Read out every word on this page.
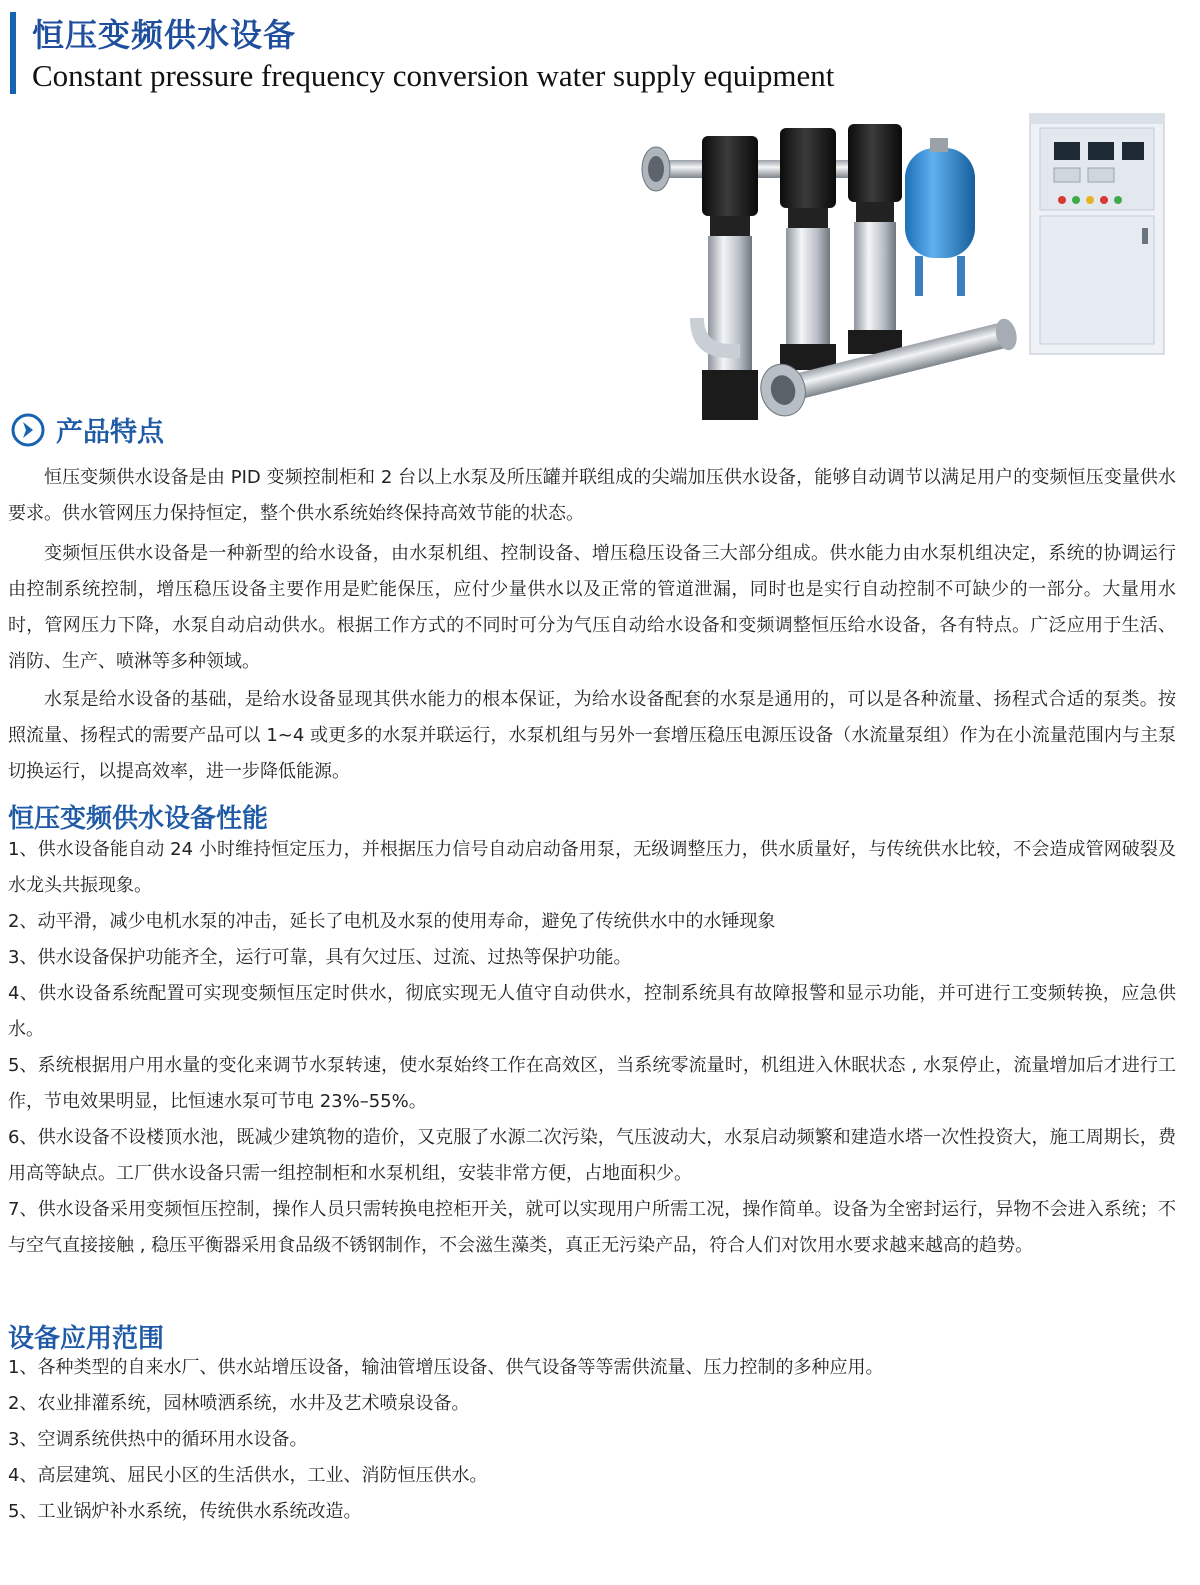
恒压变频供水设备
Constant pressure frequency conversion water supply equipment
产品特点

恒压变频供水设备是由 PID 变频控制柜和 2 台以上水泵及所压罐并联组成的尖端加压供水设备，能够自动调节以满足用户的变频恒压变量供水要求。供水管网压力保持恒定，整个供水系统始终保持高效节能的状态。

变频恒压供水设备是一种新型的给水设备，由水泵机组、控制设备、增压稳压设备三大部分组成。供水能力由水泵机组决定，系统的协调运行由控制系统控制，增压稳压设备主要作用是贮能保压，应付少量供水以及正常的管道泄漏，同时也是实行自动控制不可缺少的一部分。大量用水时，管网压力下降，水泵自动启动供水。根据工作方式的不同时可分为气压自动给水设备和变频调整恒压给水设备，各有特点。广泛应用于生活、消防、生产、喷淋等多种领域。

水泵是给水设备的基础，是给水设备显现其供水能力的根本保证，为给水设备配套的水泵是通用的，可以是各种流量、扬程式合适的泵类。按照流量、扬程式的需要产品可以 1~4 或更多的水泵并联运行，水泵机组与另外一套增压稳压电源压设备（水流量泵组）作为在小流量范围内与主泵切换运行，以提高效率，进一步降低能源。

恒压变频供水设备性能
1、供水设备能自动 24 小时维持恒定压力，并根据压力信号自动启动备用泵，无级调整压力，供水质量好，与传统供水比较，不会造成管网破裂及水龙头共振现象。
2、动平滑，减少电机水泵的冲击，延长了电机及水泵的使用寿命，避免了传统供水中的水锤现象
3、供水设备保护功能齐全，运行可靠，具有欠过压、过流、过热等保护功能。
4、供水设备系统配置可实现变频恒压定时供水，彻底实现无人值守自动供水，控制系统具有故障报警和显示功能，并可进行工变频转换，应急供水。
5、系统根据用户用水量的变化来调节水泵转速，使水泵始终工作在高效区，当系统零流量时，机组进入休眠状态 , 水泵停止，流量增加后才进行工作，节电效果明显，比恒速水泵可节电 23%–55%。
6、供水设备不设楼顶水池，既减少建筑物的造价，又克服了水源二次污染，气压波动大，水泵启动频繁和建造水塔一次性投资大，施工周期长，费用高等缺点。工厂供水设备只需一组控制柜和水泵机组，安装非常方便，占地面积少。
7、供水设备采用变频恒压控制，操作人员只需转换电控柜开关，就可以实现用户所需工况，操作简单。设备为全密封运行，异物不会进入系统；不与空气直接接触 , 稳压平衡器采用食品级不锈钢制作，不会滋生藻类，真正无污染产品，符合人们对饮用水要求越来越高的趋势。
设备应用范围
1、各种类型的自来水厂、供水站增压设备，输油管增压设备、供气设备等等需供流量、压力控制的多种应用。
2、农业排灌系统，园林喷洒系统，水井及艺术喷泉设备。
3、空调系统供热中的循环用水设备。
4、高层建筑、屈民小区的生活供水，工业、消防恒压供水。
5、工业锅炉补水系统，传统供水系统改造。
